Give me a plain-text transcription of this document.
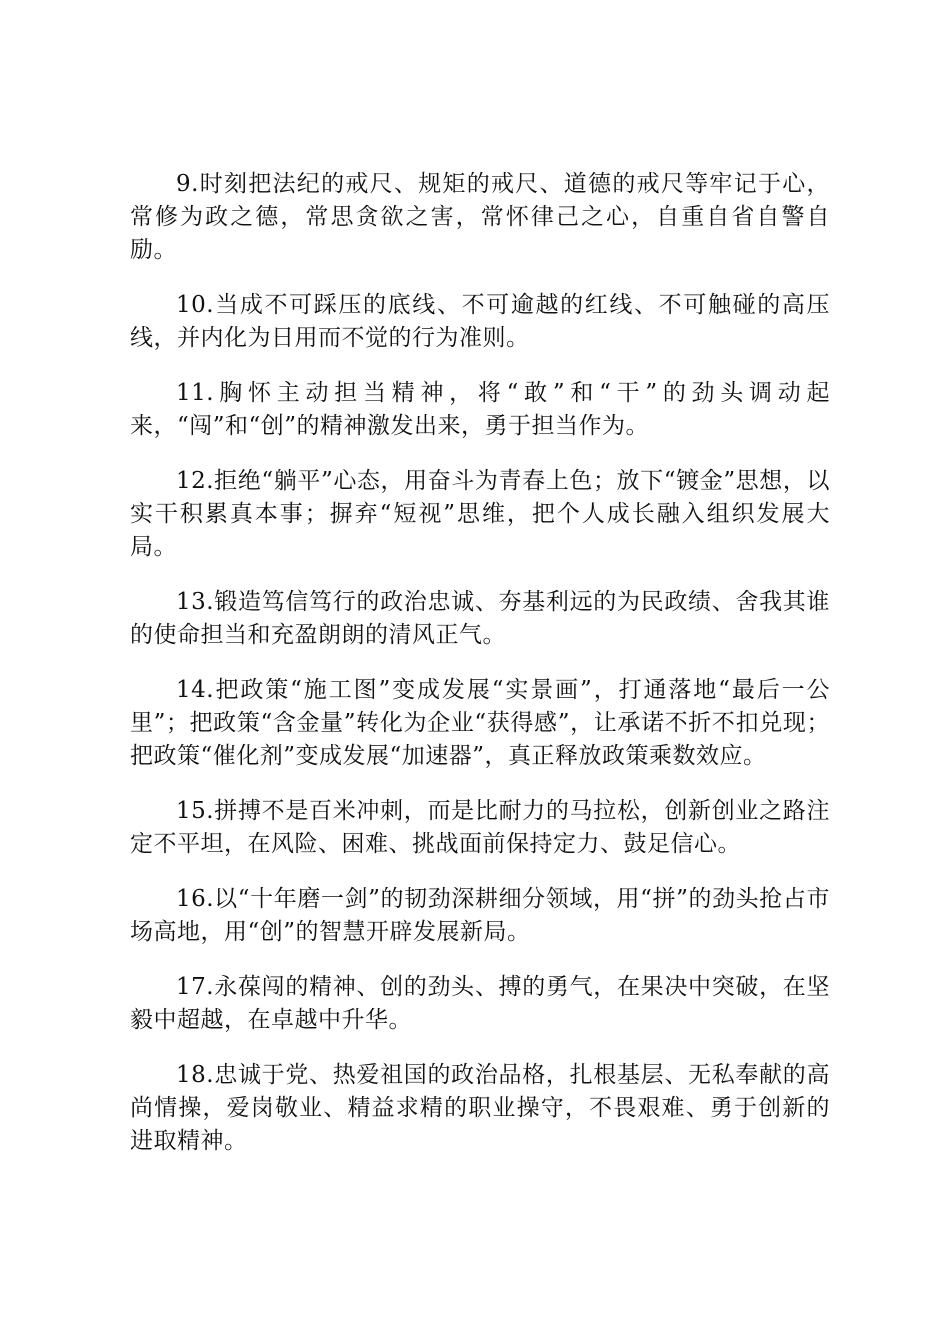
9.时刻把法纪的戒尺、规矩的戒尺、道德的戒尺等牢记于心，常修为政之德，常思贪欲之害，常怀律己之心，自重自省自警自励。

10.当成不可踩压的底线、不可逾越的红线、不可触碰的高压线，并内化为日用而不觉的行为准则。

11.胸怀主动担当精神，将“敢”和“干”的劲头调动起来，“闯”和“创”的精神激发出来，勇于担当作为。

12.拒绝“躺平”心态，用奋斗为青春上色；放下“镀金”思想，以实干积累真本事；摒弃“短视”思维，把个人成长融入组织发展大局。

13.锻造笃信笃行的政治忠诚、夯基利远的为民政绩、舍我其谁的使命担当和充盈朗朗的清风正气。

14.把政策“施工图”变成发展“实景画”，打通落地“最后一公里”；把政策“含金量”转化为企业“获得感”，让承诺不折不扣兑现；把政策“催化剂”变成发展“加速器”，真正释放政策乘数效应。

15.拼搏不是百米冲刺，而是比耐力的马拉松，创新创业之路注定不平坦，在风险、困难、挑战面前保持定力、鼓足信心。

16.以“十年磨一剑”的韧劲深耕细分领域，用“拼”的劲头抢占市场高地，用“创”的智慧开辟发展新局。

17.永葆闯的精神、创的劲头、搏的勇气，在果决中突破，在坚毅中超越，在卓越中升华。

18.忠诚于党、热爱祖国的政治品格，扎根基层、无私奉献的高尚情操，爱岗敬业、精益求精的职业操守，不畏艰难、勇于创新的进取精神。
